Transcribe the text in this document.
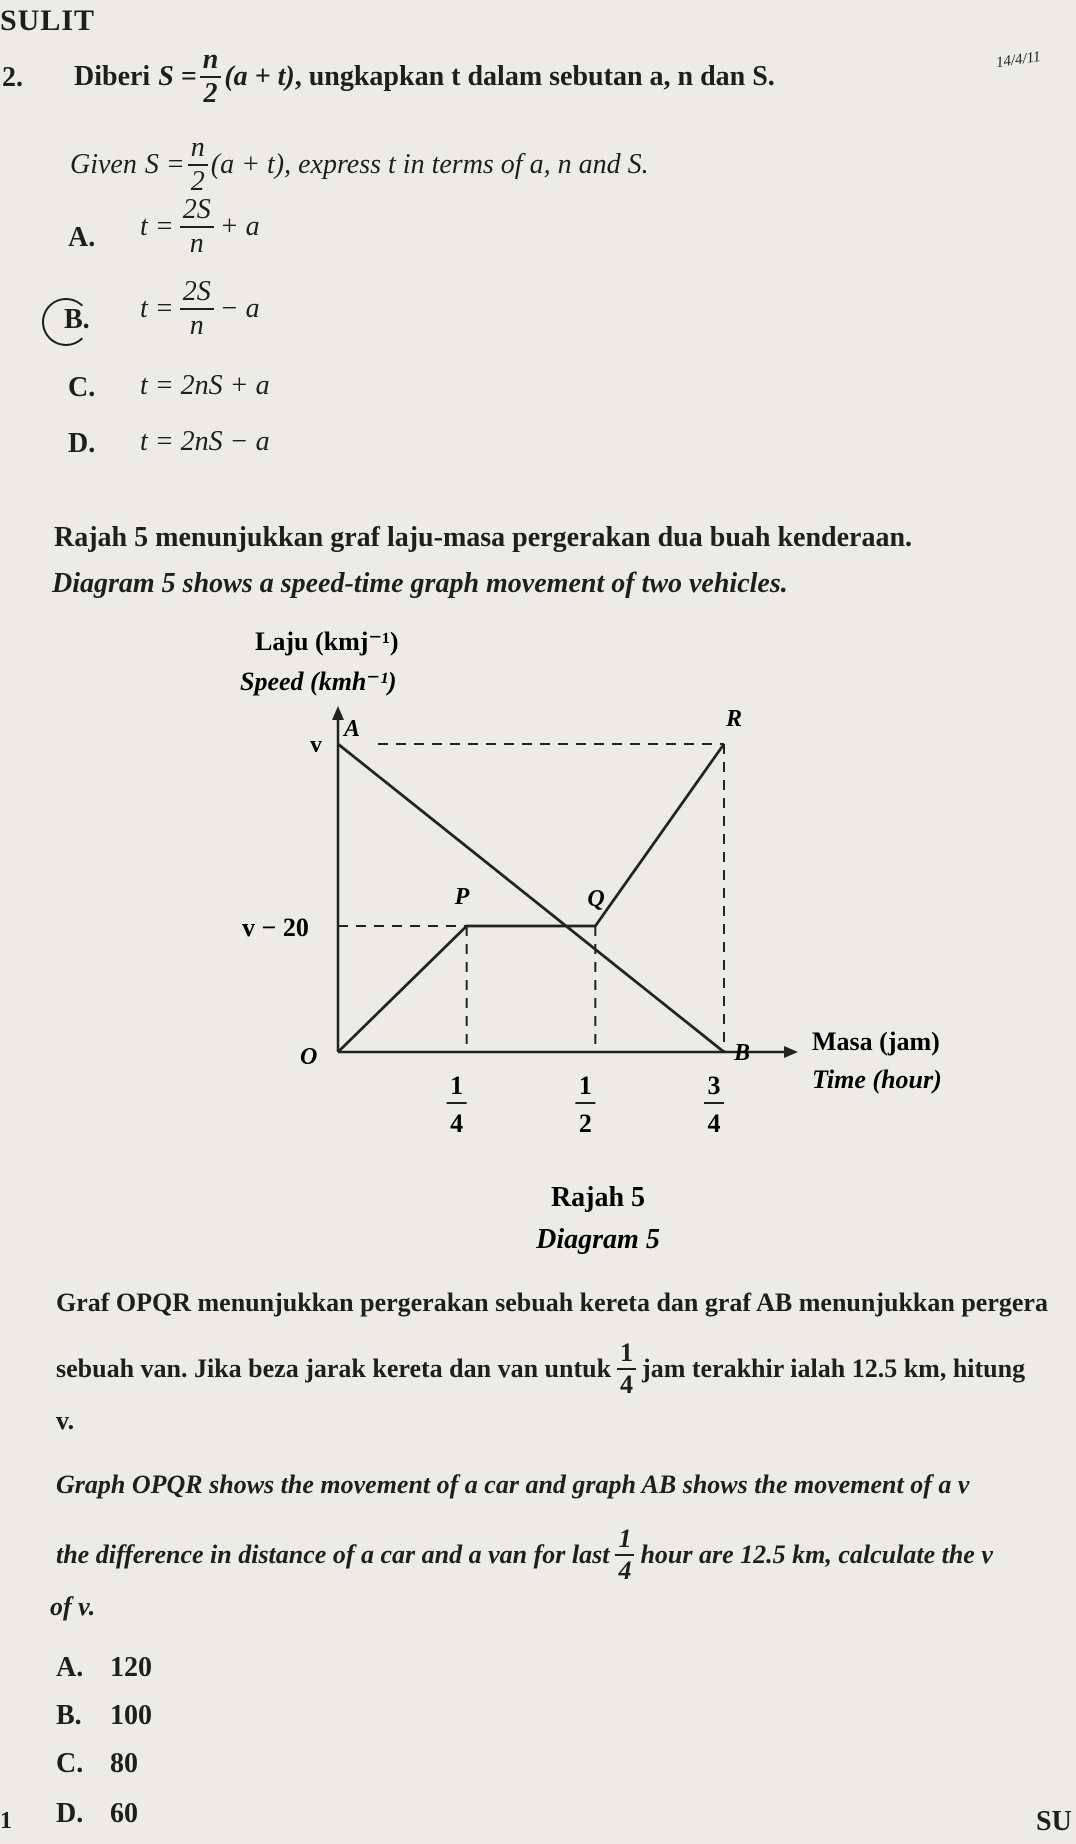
SULIT
2. Diberi $S = \frac{n}{2} (a + t)$ , ungkapkan t dalam sebutan a, n dan S.
14/4/11
Given $S = \frac{n}{2} (a + t)$ , express t in terms of a, n and S.
A. $t = \frac{2S}{n} + a$
B. $t = \frac{2S}{n} - a$
C. t = 2nS + a
D. t = 2nS − a
Rajah 5 menunjukkan graf laju-masa pergerakan dua buah kenderaan.
Diagram 5 shows a speed-time graph movement of two vehicles.
Laju (kmj⁻¹)
Speed (kmh⁻¹)
Masa (jam)
Time (hour)
O
P	Q
R
A
B
v
v − 20
1
4
1
2
3
4
Rajah 5
Diagram 5
Graf OPQR menunjukkan pergerakan sebuah kereta dan graf AB menunjukkan pergera
sebuah van. Jika beza jarak kereta dan van untuk $\frac{1}{4}$ jam terakhir ialah 12.5 km, hitung
v.
Graph OPQR shows the movement of a car and graph AB shows the movement of a v
the difference in distance of a car and a van for last $\frac{1}{4}$ hour are 12.5 km, calculate the v
of v.
A. 120
B. 100
C. 80
D. 60
1	SU
